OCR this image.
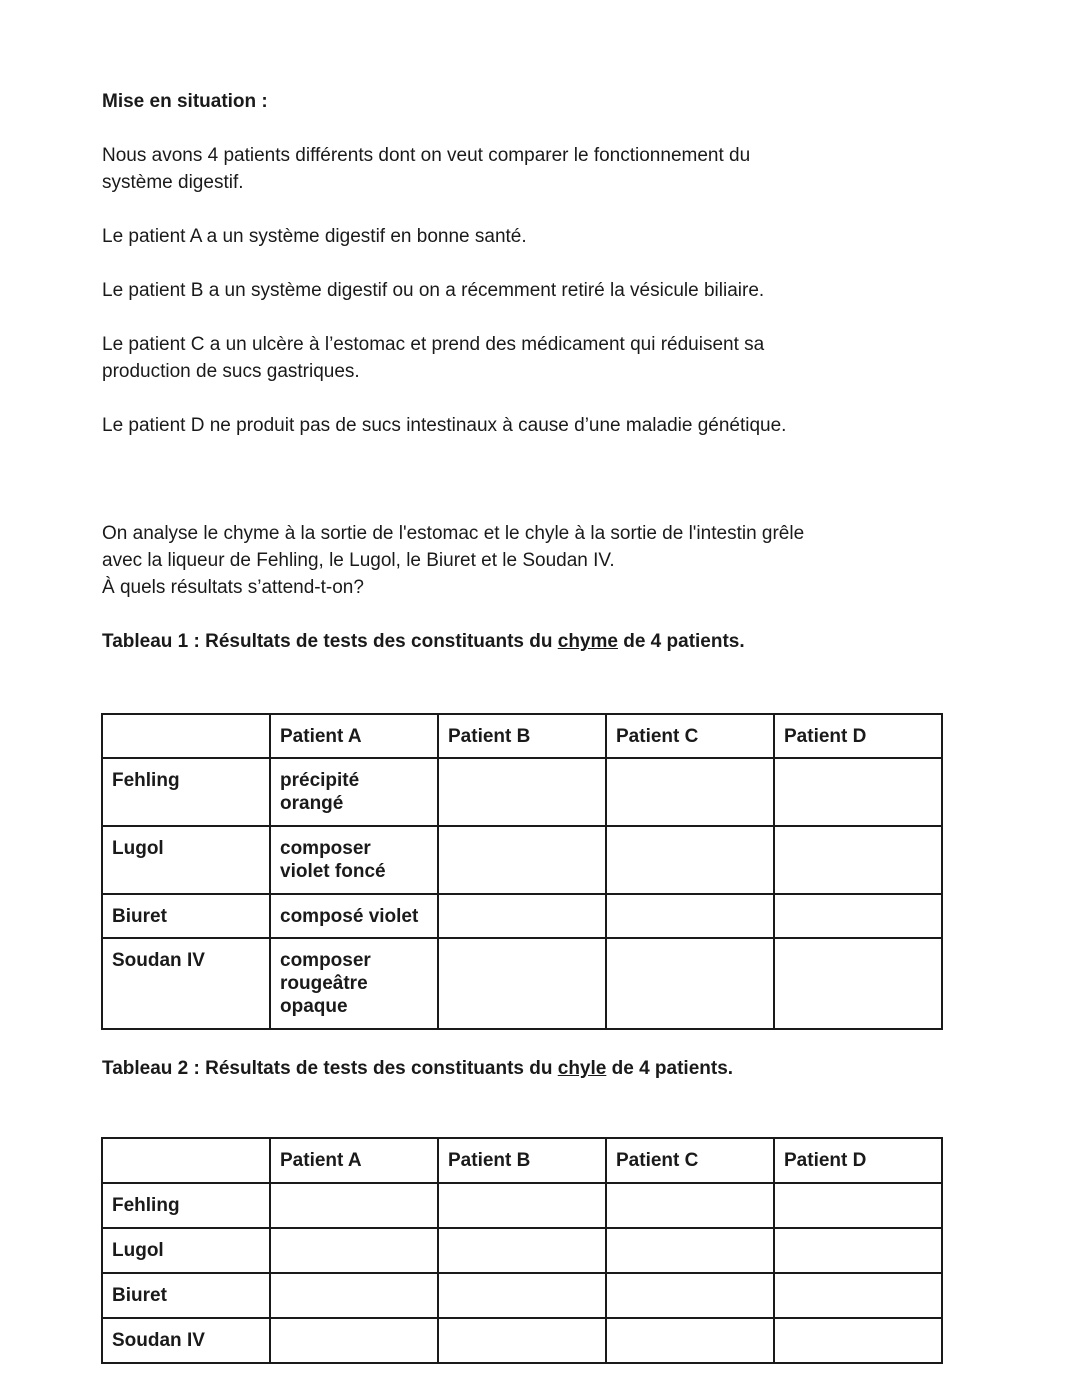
Mise en situation :

Nous avons 4 patients différents dont on veut comparer le fonctionnement du
système digestif.

Le patient A a un système digestif en bonne santé.

Le patient B a un système digestif ou on a récemment retiré la vésicule biliaire.

Le patient C a un ulcère à l’estomac et prend des médicament qui réduisent sa
production de sucs gastriques.

Le patient D ne produit pas de sucs intestinaux à cause d’une maladie génétique.

On analyse le chyme à la sortie de l'estomac et le chyle à la sortie de l'intestin grêle
avec la liqueur de Fehling, le Lugol, le Biuret et le Soudan IV.
À quels résultats s’attend-t-on?

Tableau 1 : Résultats de tests des constituants du chyme de 4 patients.

	Patient A	Patient B	Patient C	Patient D
Fehling	précipité
orangé			

Lugol	composer
violet foncé			

Biuret	composé violet			

Soudan IV	composer
rougeâtre
opaque			

Tableau 2 : Résultats de tests des constituants du chyle de 4 patients.

	Patient A	Patient B	Patient C	Patient D
Fehling				
Lugol				
Biuret				
Soudan IV				
